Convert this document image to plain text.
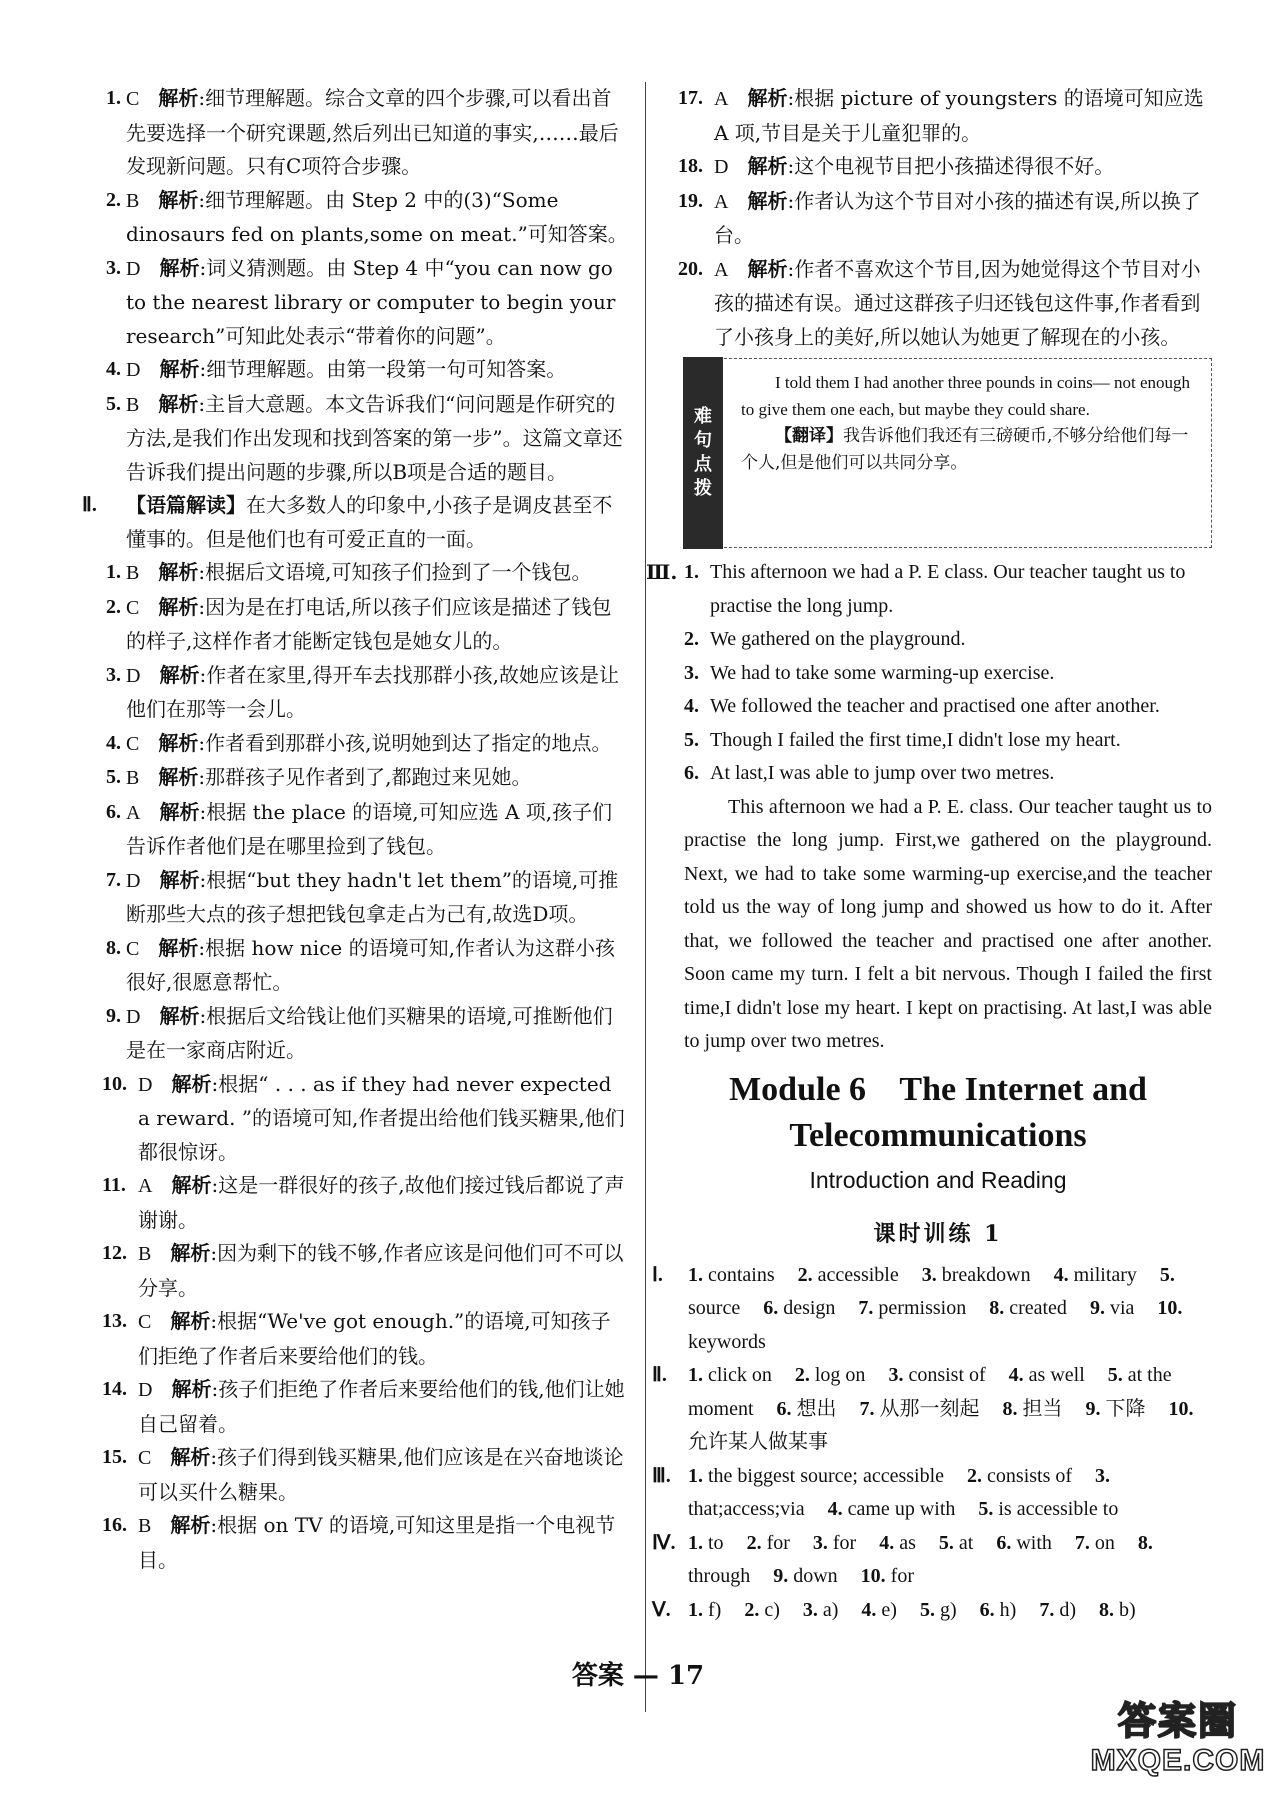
1. C 解析:细节理解题。综合文章的四个步骤,可以看出首先要选择一个研究课题,然后列出已知道的事实,……最后发现新问题。只有C项符合步骤。

2. B 解析:细节理解题。由 Step 2 中的(3)“Some dinosaurs fed on plants,some on meat.”可知答案。

3. D 解析:词义猜测题。由 Step 4 中“you can now go to the nearest library or computer to begin your research”可知此处表示“带着你的问题”。

4. D 解析:细节理解题。由第一段第一句可知答案。

5. B 解析:主旨大意题。本文告诉我们“问问题是作研究的方法,是我们作出发现和找到答案的第一步”。这篇文章还告诉我们提出问题的步骤,所以B项是合适的题目。

Ⅱ. 【语篇解读】在大多数人的印象中,小孩子是调皮甚至不懂事的。但是他们也有可爱正直的一面。

1. B 解析:根据后文语境,可知孩子们捡到了一个钱包。

2. C 解析:因为是在打电话,所以孩子们应该是描述了钱包的样子,这样作者才能断定钱包是她女儿的。

3. D 解析:作者在家里,得开车去找那群小孩,故她应该是让他们在那等一会儿。

4. C 解析:作者看到那群小孩,说明她到达了指定的地点。

5. B 解析:那群孩子见作者到了,都跑过来见她。

6. A 解析:根据 the place 的语境,可知应选 A 项,孩子们告诉作者他们是在哪里捡到了钱包。

7. D 解析:根据“but they hadn't let them”的语境,可推断那些大点的孩子想把钱包拿走占为己有,故选D项。

8. C 解析:根据 how nice 的语境可知,作者认为这群小孩很好,很愿意帮忙。

9. D 解析:根据后文给钱让他们买糖果的语境,可推断他们是在一家商店附近。

10. D 解析:根据“ . . . as if they had never expected a reward. ”的语境可知,作者提出给他们钱买糖果,他们都很惊讶。

11. A 解析:这是一群很好的孩子,故他们接过钱后都说了声谢谢。

12. B 解析:因为剩下的钱不够,作者应该是问他们可不可以分享。

13. C 解析:根据“We've got enough.”的语境,可知孩子们拒绝了作者后来要给他们的钱。

14. D 解析:孩子们拒绝了作者后来要给他们的钱,他们让她自己留着。

15. C 解析:孩子们得到钱买糖果,他们应该是在兴奋地谈论可以买什么糖果。

16. B 解析:根据 on TV 的语境,可知这里是指一个电视节目。

17. A 解析:根据 picture of youngsters 的语境可知应选 A 项,节目是关于儿童犯罪的。

18. D 解析:这个电视节目把小孩描述得很不好。

19. A 解析:作者认为这个节目对小孩的描述有误,所以换了台。

20. A 解析:作者不喜欢这个节目,因为她觉得这个节目对小孩的描述有误。通过这群孩子归还钱包这件事,作者看到了小孩身上的美好,所以她认为她更了解现在的小孩。

难
句
点
拨

I told them I had another three pounds in coins— not enough to give them one each, but maybe they could share.

【翻译】我告诉他们我还有三磅硬币,不够分给他们每一个人,但是他们可以共同分享。

Ⅲ. 1. This afternoon we had a P. E class. Our teacher taught us to practise the long jump.
2. We gathered on the playground.
3. We had to take some warming-up exercise.
4. We followed the teacher and practised one after another.
5. Though I failed the first time,I didn't lose my heart.
6. At last,I was able to jump over two metres.

This afternoon we had a P. E. class. Our teacher taught us to practise the long jump. First,we gathered on the playground. Next, we had to take some warming-up exercise,and the teacher told us the way of long jump and showed us how to do it. After that, we followed the teacher and practised one after another. Soon came my turn. I felt a bit nervous. Though I failed the first time,I didn't lose my heart. I kept on practising. At last,I was able to jump over two metres.

Module 6    The Internet and
Telecommunications
Introduction and Reading
课时训练 1

Ⅰ. 1. contains 2. accessible 3. breakdown 4. military 5. source 6. design 7. permission 8. created 9. via 10. keywords

Ⅱ. 1. click on 2. log on 3. consist of 4. as well 5. at the moment 6. 想出 7. 从那一刻起 8. 担当 9. 下降 10. 允许某人做某事

Ⅲ. 1. the biggest source; accessible 2. consists of 3. that;access;via 4. came up with 5. is accessible to

Ⅳ. 1. to 2. for 3. for 4. as 5. at 6. with 7. on 8. through 9. down 10. for

Ⅴ. 1. f) 2. c) 3. a) 4. e) 5. g) 6. h) 7. d) 8. b)

答案 — 17
答案圈
MXQE.COM
